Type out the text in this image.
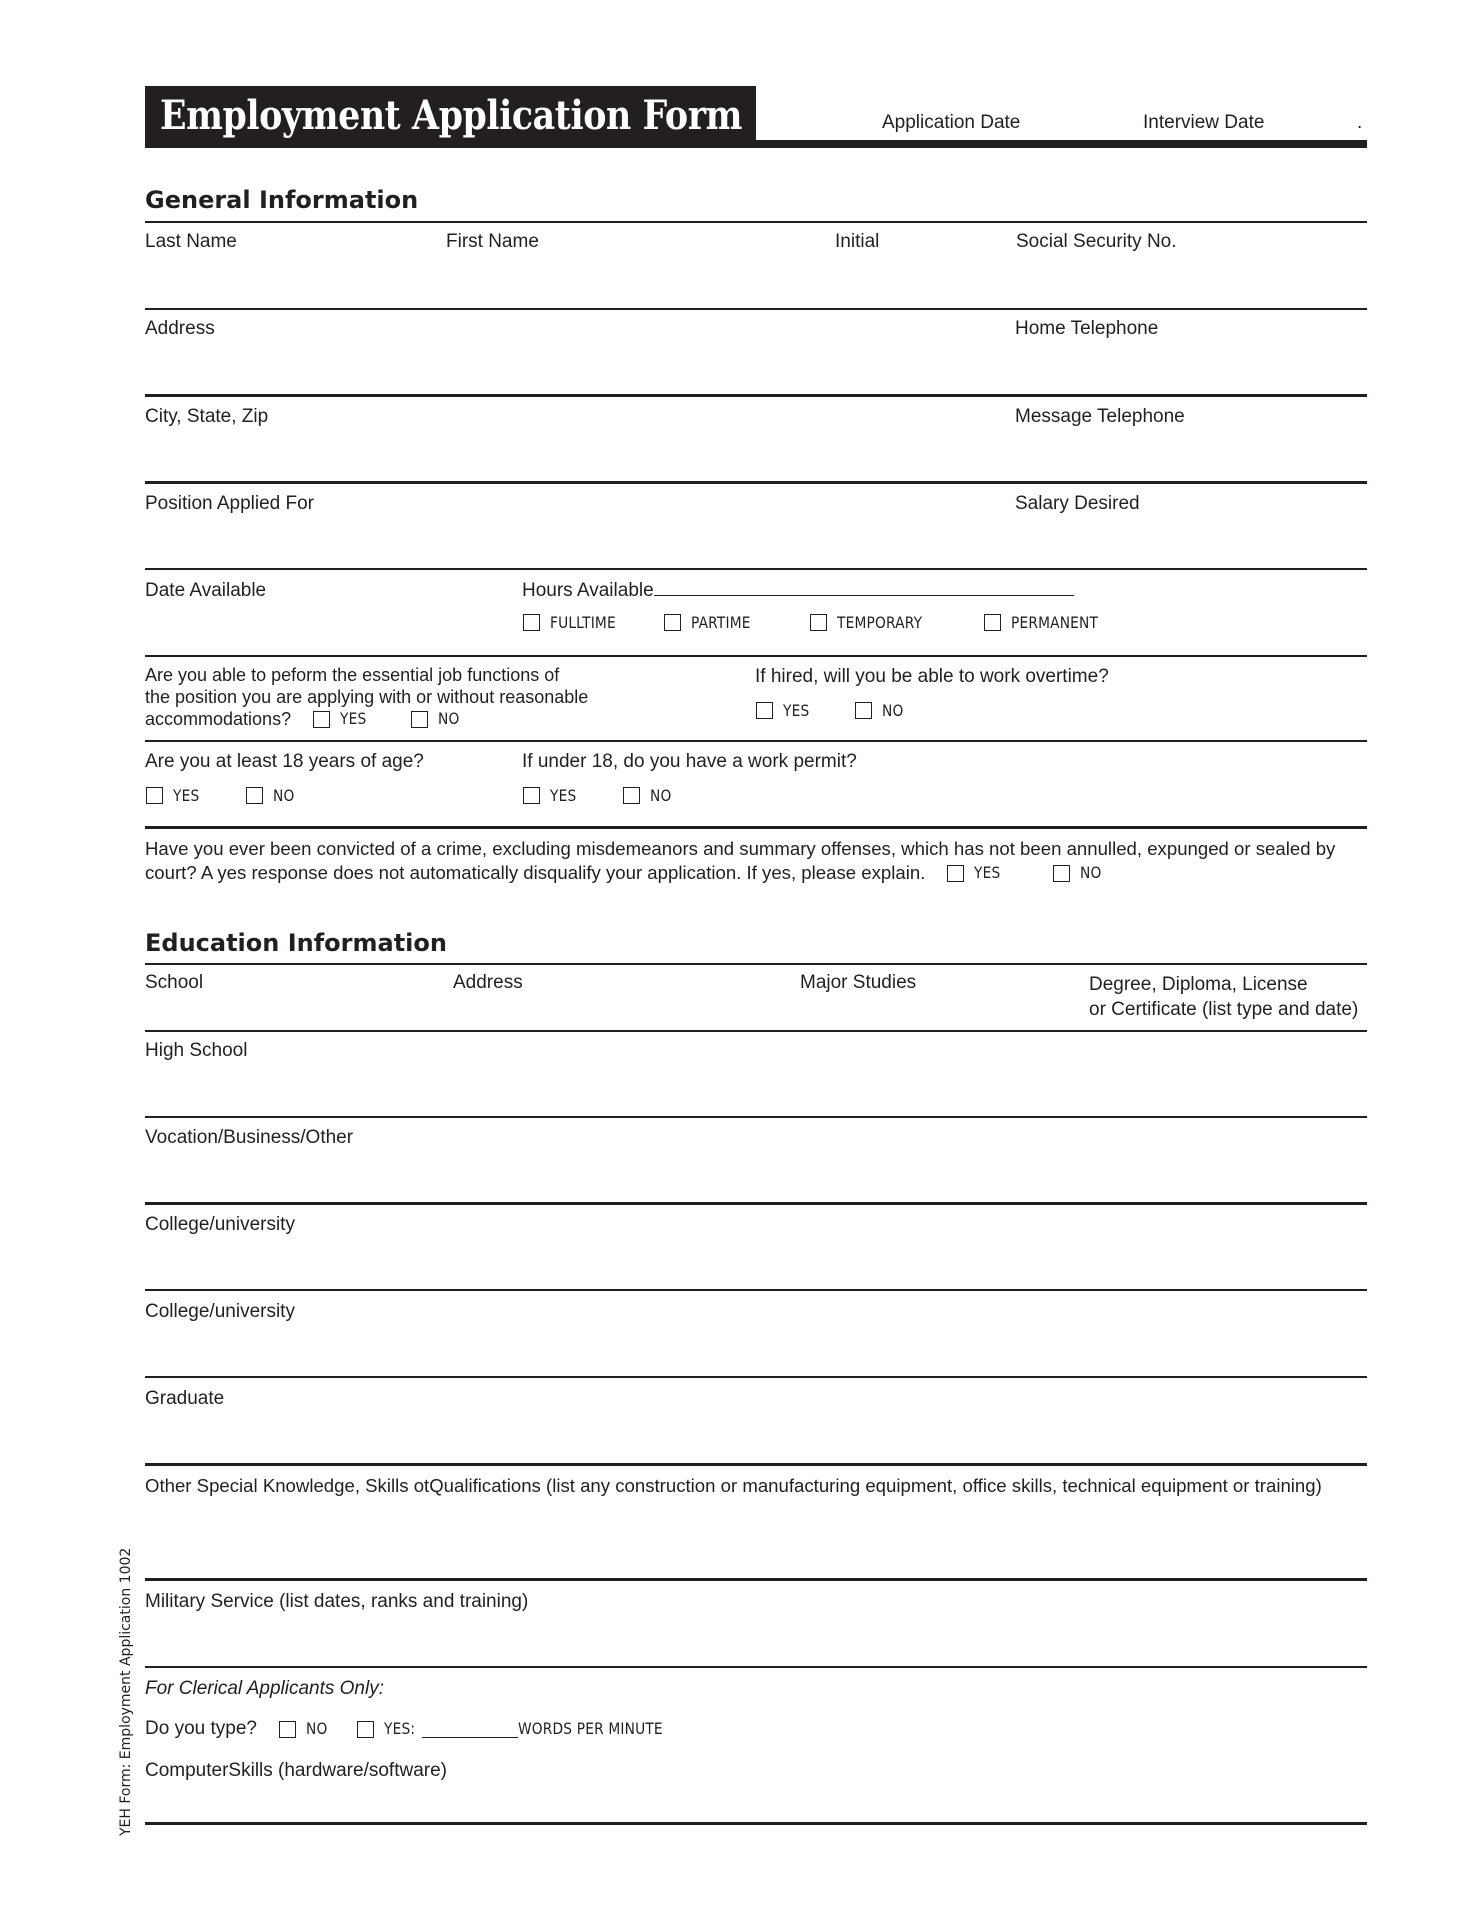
Employment Application Form	Application Date	Interview Date	.
General Information
Last Name	First Name	Initial	Social Security No.
Address	Home Telephone
City, State, Zip	Message Telephone
Position Applied For	Salary Desired
Date Available	Hours Available
FULLTIME	PARTIME	TEMPORARY	PERMANENT
Are you able to peform the essential job functions of
the position you are applying with or without reasonable
accommodations?	YES	NO
If hired, will you be able to work overtime?
YES	NO
Are you at least 18 years of age?	If under 18, do you have a work permit?
YES	NO	YES	NO
Have you ever been convicted of a crime, excluding misdemeanors and summary offenses, which has not been annulled, expunged or sealed by
court? A yes response does not automatically disqualify your application. If yes, please explain.	YES	NO
Education Information
School	Address	Major Studies	Degree, Diploma, License
or Certificate (list type and date)
High School
Vocation/Business/Other
College/university
College/university
Graduate
Other Special Knowledge, Skills otQualifications (list any construction or manufacturing equipment, office skills, technical equipment or training)
Military Service (list dates, ranks and training)
For Clerical Applicants Only:
Do you type?	NO	YES:	WORDS PER MINUTE
ComputerSkills (hardware/software)
YEH Form: Employment Application 1002
